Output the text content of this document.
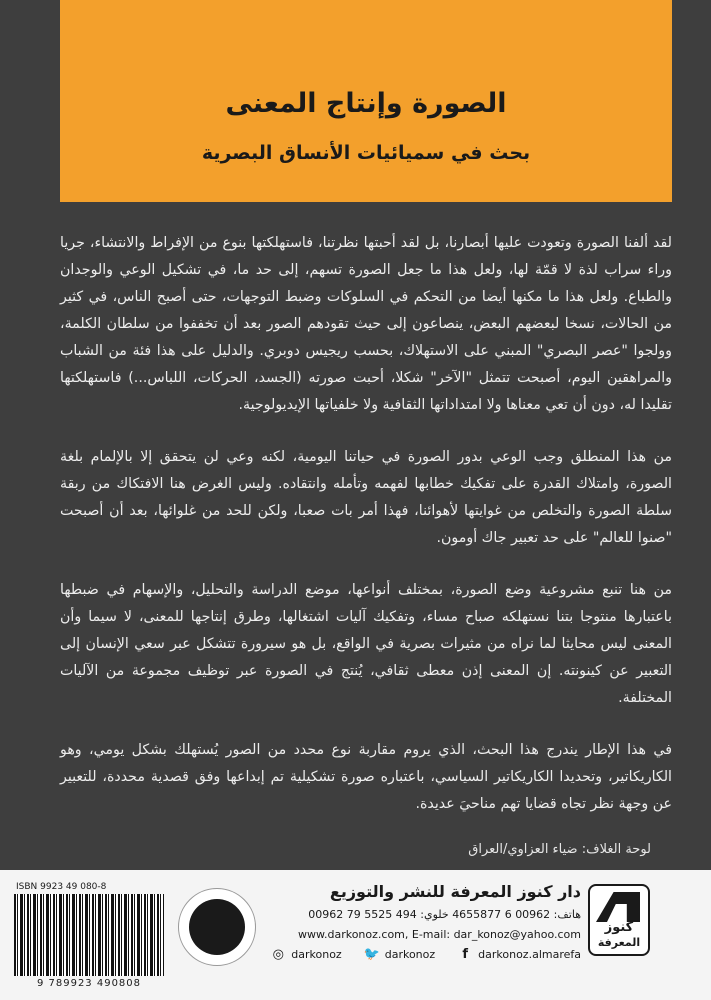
الصورة وإنتاج المعنى
بحث في سميائيات الأنساق البصرية

لقد ألفنا الصورة وتعودت عليها أبصارنا، بل لقد أحبتها نظرتنا، فاستهلكتها بنوع من الإفراط والانتشاء، جريا وراء سراب لذة لا قمّة لها، ولعل هذا ما جعل الصورة تسهم، إلى حد ما، في تشكيل الوعي والوجدان والطباع. ولعل هذا ما مكنها أيضا من التحكم في السلوكات وضبط التوجهات، حتى أصبح الناس، في كثير من الحالات، نسخا لبعضهم البعض، ينصاعون إلى حيث تقودهم الصور بعد أن تخففوا من سلطان الكلمة، وولجوا "عصر البصري" المبني على الاستهلاك، بحسب ريجيس دوبري. والدليل على هذا فئة من الشباب والمراهقين اليوم، أصبحت تتمثل "الآخر" شكلا، أحبت صورته (الجسد، الحركات، اللباس...) فاستهلكتها تقليدا له، دون أن تعي معناها ولا امتداداتها الثقافية ولا خلفياتها الإيديولوجية.

من هذا المنطلق وجب الوعي بدور الصورة في حياتنا اليومية، لكنه وعي لن يتحقق إلا بالإلمام بلغة الصورة، وامتلاك القدرة على تفكيك خطابها لفهمه وتأمله وانتقاده. وليس الغرض هنا الافتكاك من ربقة سلطة الصورة والتخلص من غوايتها لأهوائنا، فهذا أمر بات صعبا، ولكن للحد من غلوائها، بعد أن أصبحت "صنوا للعالم" على حد تعبير جاك أومون.

من هنا تنبع مشروعية وضع الصورة، بمختلف أنواعها، موضع الدراسة والتحليل، والإسهام في ضبطها باعتبارها منتوجا بتنا نستهلكه صباح مساء، وتفكيك آليات اشتغالها، وطرق إنتاجها للمعنى، لا سيما وأن المعنى ليس محايثا لما نراه من مثيرات بصرية في الواقع، بل هو سيرورة تتشكل عبر سعي الإنسان إلى التعبير عن كينونته. إن المعنى إذن معطى ثقافي، يُنتج في الصورة عبر توظيف مجموعة من الآليات المختلفة.

في هذا الإطار يندرج هذا البحث، الذي يروم مقاربة نوع محدد من الصور يُستهلك بشكل يومي، وهو الكاريكاتير، وتحديدا الكاريكاتير السياسي، باعتباره صورة تشكيلية تم إبداعها وفق قصدية محددة، للتعبير عن وجهة نظر تجاه قضايا تهم مناحيَ عديدة.

لوحة الغلاف: ضياء العزاوي/العراق
كنوز
المعرفة
دار كنوز المعرفة للنشر والتوزيع
هاتف: 00962 6 4655877 خلوي: 494 5525 79 00962
www.darkonoz.com, E-mail: dar_konoz@yahoo.com
f darkonoz.almarefa
🐦 darkonoz
◎ darkonoz
ISBN 9923 49 080-8
9 789923 490808
